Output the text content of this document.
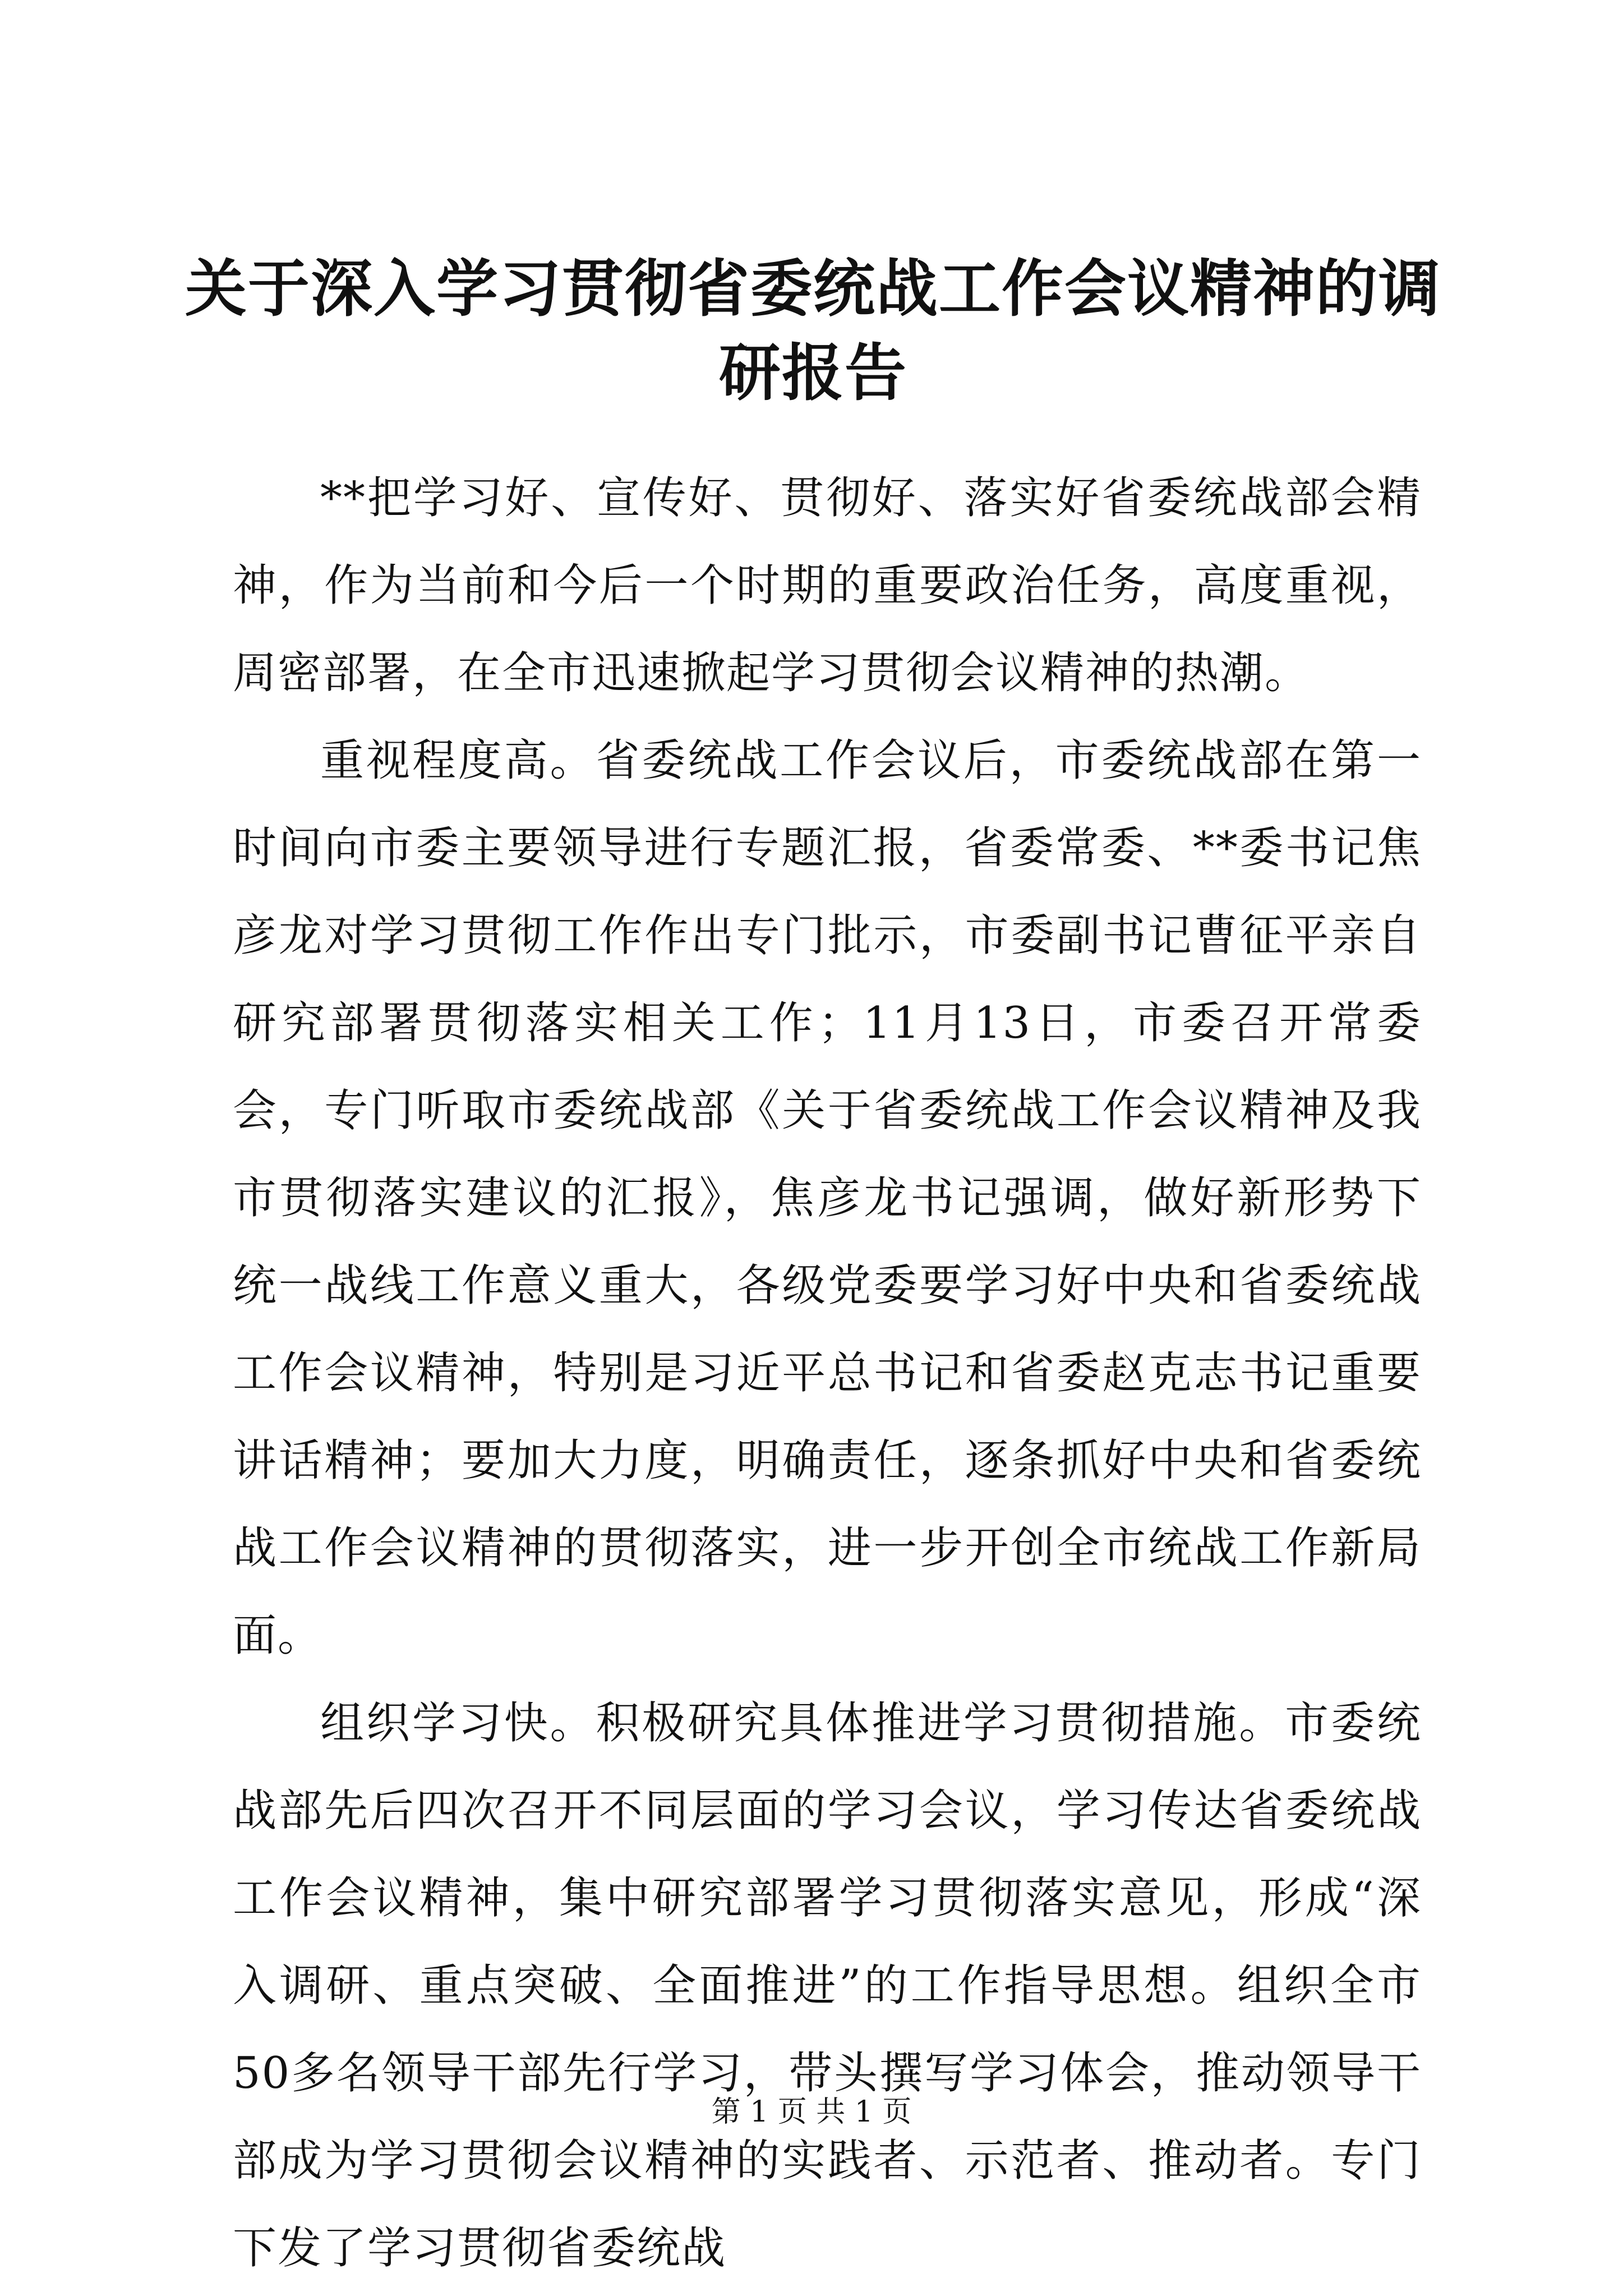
关于深入学习贯彻省委统战工作会议精神的调研报告

**把学习好、宣传好、贯彻好、落实好省委统战部会精神，作为当前和今后一个时期的重要政治任务，高度重视，周密部署，在全市迅速掀起学习贯彻会议精神的热潮。

重视程度高。省委统战工作会议后，市委统战部在第一时间向市委主要领导进行专题汇报，省委常委、**委书记焦彦龙对学习贯彻工作作出专门批示，市委副书记曹征平亲自研究部署贯彻落实相关工作；11月13日，市委召开常委会，专门听取市委统战部《关于省委统战工作会议精神及我市贯彻落实建议的汇报》，焦彦龙书记强调，做好新形势下统一战线工作意义重大，各级党委要学习好中央和省委统战工作会议精神，特别是习近平总书记和省委赵克志书记重要讲话精神；要加大力度，明确责任，逐条抓好中央和省委统战工作会议精神的贯彻落实，进一步开创全市统战工作新局面。

组织学习快。积极研究具体推进学习贯彻措施。市委统战部先后四次召开不同层面的学习会议，学习传达省委统战工作会议精神，集中研究部署学习贯彻落实意见，形成“深入调研、重点突破、全面推进”的工作指导思想。组织全市50多名领导干部先行学习，带头撰写学习体会，推动领导干部成为学习贯彻会议精神的实践者、示范者、推动者。专门下发了学习贯彻省委统战

第 1 页 共 1 页
